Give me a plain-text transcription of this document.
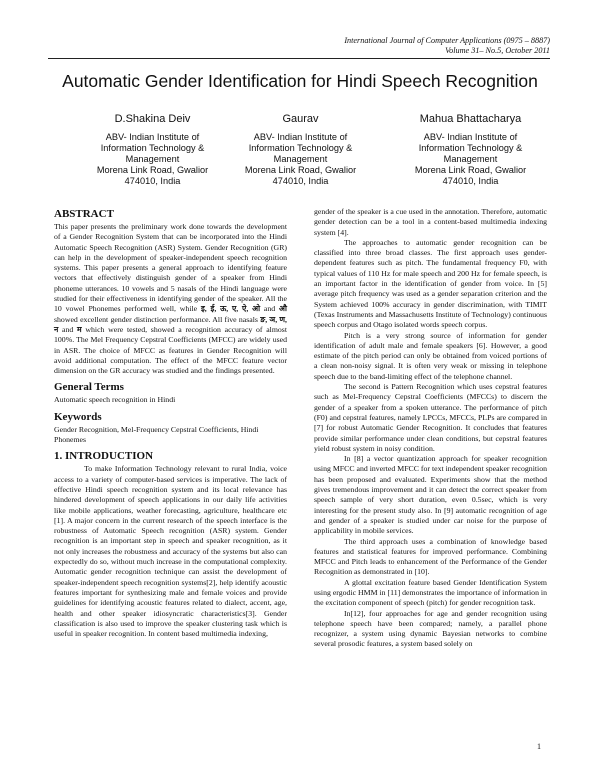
International Journal of Computer Applications (0975 – 8887)
Volume 31– No.5, October 2011
Automatic Gender Identification for Hindi Speech Recognition
D.Shakina Deiv
ABV- Indian Institute of
Information Technology &
Management
Morena Link Road, Gwalior
474010, India
Gaurav
ABV- Indian Institute of
Information Technology &
Management
Morena Link Road, Gwalior
474010, India
Mahua Bhattacharya
ABV- Indian Institute of
Information Technology &
Management
Morena Link Road, Gwalior
474010, India
ABSTRACT

This paper presents the preliminary work done towards the development of a Gender Recognition System that can be incorporated into the Hindi Automatic Speech Recognition (ASR) System. Gender Recognition (GR) can help in the development of speaker-independent speech recognition systems. This paper presents a general approach to identifying feature vectors that effectively distinguish gender of a speaker from Hindi phoneme utterances. 10 vowels and 5 nasals of the Hindi language were studied for their effectiveness in identifying gender of the speaker. All the 10 vowel Phonemes performed well, while इ, ई, ऊ, ए, ऐ, ओ and औ showed excellent gender distinction performance. All five nasals ङ, ञ, ण, न and म which were tested, showed a recognition accuracy of almost 100%. The Mel Frequency Cepstral Coefficients (MFCC) are widely used in ASR. The choice of MFCC as features in Gender Recognition will avoid additional computation. The effect of the MFCC feature vector dimension on the GR accuracy was studied and the findings presented.

General Terms

Automatic speech recognition in Hindi

Keywords

Gender Recognition, Mel-Frequency Cepstral Coefficients, Hindi Phonemes

1. INTRODUCTION

To make Information Technology relevant to rural India, voice access to a variety of computer-based services is imperative. The lack of effective Hindi speech recognition system and its local relevance has hindered development of speech applications in our daily life activities like mobile applications, weather forecasting, agriculture, healthcare etc [1]. A major concern in the current research of the speech interface is the robustness of Automatic Speech recognition (ASR) system. Gender recognition is an important step in speech and speaker recognition, as it not only increases the robustness and accuracy of the systems but also can expectedly do so, without much increase in the computational complexity. Automatic gender recognition technique can assist the development of speaker-independent speech recognition systems[2], help identify acoustic features important for synthesizing male and female voices and provide guidelines for identifying acoustic features related to dialect, accent, age, health and other speaker idiosyncratic characteristics[3]. Gender classification is also used to improve the speaker clustering task which is useful in speaker recognition. In content based multimedia indexing,

gender of the speaker is a cue used in the annotation. Therefore, automatic gender detection can be a tool in a content-based multimedia indexing system [4].

The approaches to automatic gender recognition can be classified into three broad classes. The first approach uses gender-dependent features such as pitch. The fundamental frequency F0, with typical values of 110 Hz for male speech and 200 Hz for female speech, is an important factor in the identification of gender from voice. In [5] average pitch frequency was used as a gender separation criterion and the System achieved 100% accuracy in gender discrimination, with TIMIT (Texas Instruments and Massachusetts Institute of Technology) continuous speech corpus and Otago isolated words speech corpus.

Pitch is a very strong source of information for gender identification of adult male and female speakers [6]. However, a good estimate of the pitch period can only be obtained from voiced portions of a clean non-noisy signal. It is often very weak or missing in telephone speech due to the band-limiting effect of the telephone channel.

The second is Pattern Recognition which uses cepstral features such as Mel-Frequency Cepstral Coefficients (MFCCs) to discern the gender of a speaker from a spoken utterance. The performance of pitch (F0) and cepstral features, namely LPCCs, MFCCs, PLPs are compared in [7] for robust Automatic Gender Recognition. It concludes that features provide similar performance under clean conditions, but cepstral features yield robust system in noisy condition.

In [8] a vector quantization approach for speaker recognition using MFCC and inverted MFCC for text independent speaker recognition has been proposed and evaluated. Experiments show that the method gives tremendous improvement and it can detect the correct speaker from speech sample of very short duration, even 0.5sec, which is very interesting for the present study also. In [9] automatic recognition of age and gender of a speaker is studied under car noise for the purpose of applicability in mobile services.

The third approach uses a combination of knowledge based features and statistical features for improved performance. Combining MFCC and Pitch leads to enhancement of the Performance of the Gender Recognition as demonstrated in [10].

A glottal excitation feature based Gender Identification System using ergodic HMM in [11] demonstrates the importance of information in the excitation component of speech (pitch) for gender recognition task.

In[12], four approaches for age and gender recognition using telephone speech have been compared; namely, a parallel phone recognizer, a system using dynamic Bayesian networks to combine several prosodic features, a system based solely on

1
